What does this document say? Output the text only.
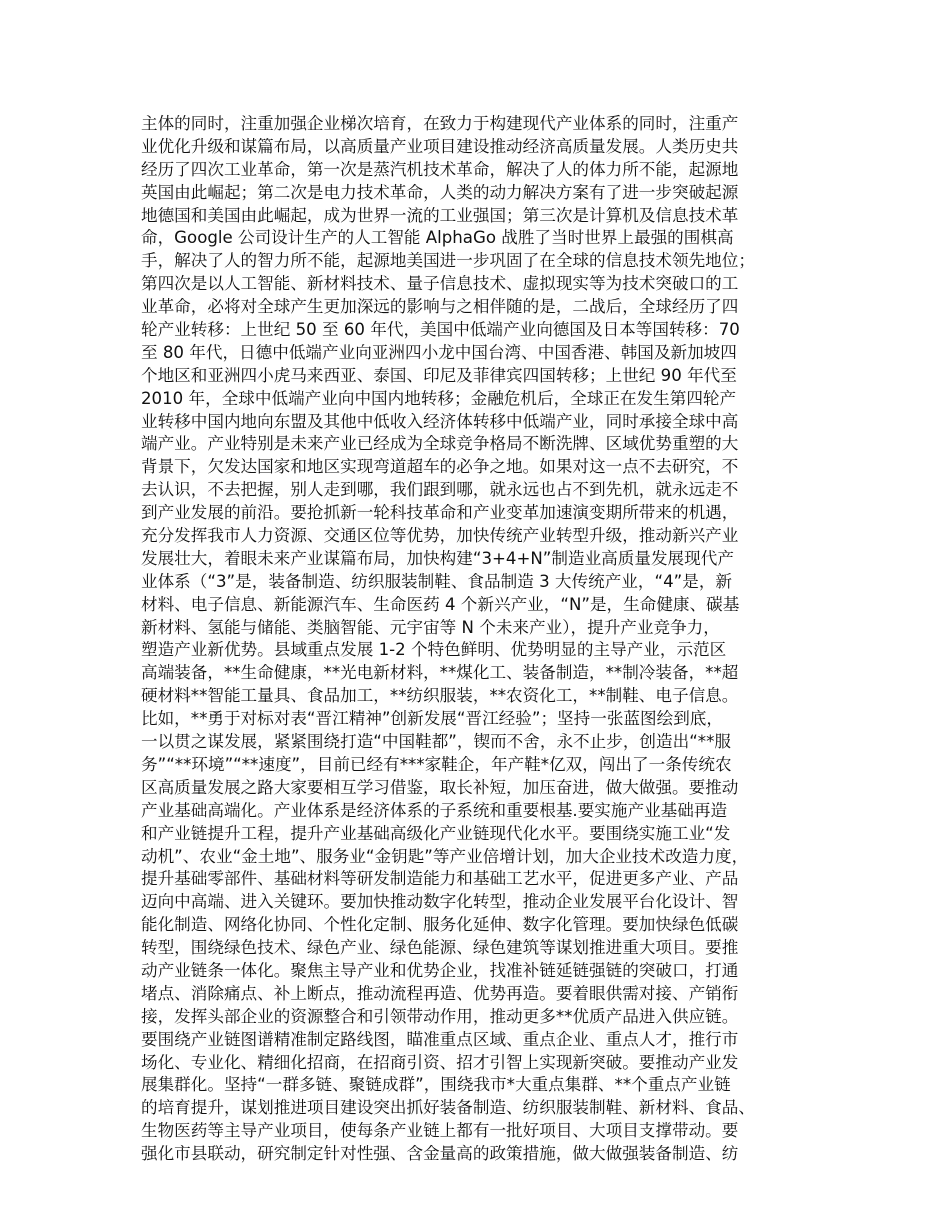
主体的同时，注重加强企业梯次培育，在致力于构建现代产业体系的同时，注重产
业优化升级和谋篇布局，以高质量产业项目建设推动经济高质量发展。人类历史共
经历了四次工业革命，第一次是蒸汽机技术革命，解决了人的体力所不能，起源地
英国由此崛起；第二次是电力技术革命，人类的动力解决方案有了进一步突破起源
地德国和美国由此崛起，成为世界一流的工业强国；第三次是计算机及信息技术革
命，Google 公司设计生产的人工智能 AlphaGo 战胜了当时世界上最强的围棋高
手，解决了人的智力所不能，起源地美国进一步巩固了在全球的信息技术领先地位；
第四次是以人工智能、新材料技术、量子信息技术、虚拟现实等为技术突破口的工
业革命，必将对全球产生更加深远的影响与之相伴随的是，二战后，全球经历了四
轮产业转移：上世纪 50 至 60 年代，美国中低端产业向德国及日本等国转移：70
至 80 年代，日德中低端产业向亚洲四小龙中国台湾、中国香港、韩国及新加坡四
个地区和亚洲四小虎马来西亚、泰国、印尼及菲律宾四国转移；上世纪 90 年代至
2010 年，全球中低端产业向中国内地转移；金融危机后，全球正在发生第四轮产
业转移中国内地向东盟及其他中低收入经济体转移中低端产业，同时承接全球中高
端产业。产业特别是未来产业已经成为全球竞争格局不断洗牌、区域优势重塑的大
背景下，欠发达国家和地区实现弯道超车的必争之地。如果对这一点不去研究，不
去认识，不去把握，别人走到哪，我们跟到哪，就永远也占不到先机，就永远走不
到产业发展的前沿。要抢抓新一轮科技革命和产业变革加速演变期所带来的机遇，
充分发挥我市人力资源、交通区位等优势，加快传统产业转型升级，推动新兴产业
发展壮大，着眼未来产业谋篇布局，加快构建“3+4+N”制造业高质量发展现代产
业体系（“3”是，装备制造、纺织服装制鞋、食品制造 3 大传统产业，“4”是，新
材料、电子信息、新能源汽车、生命医药 4 个新兴产业，“N”是，生命健康、碳基
新材料、氢能与储能、类脑智能、元宇宙等 N 个未来产业），提升产业竞争力，
塑造产业新优势。县域重点发展 1-2 个特色鲜明、优势明显的主导产业，示范区
高端装备，**生命健康，**光电新材料，**煤化工、装备制造，**制冷装备，**超
硬材料**智能工量具、食品加工，**纺织服装，**农资化工，**制鞋、电子信息。
比如，**勇于对标对表“晋江精神”创新发展“晋江经验”；坚持一张蓝图绘到底，
一以贯之谋发展，紧紧围绕打造“中国鞋都”，锲而不舍，永不止步，创造出“**服
务”“**环境”“**速度”，目前已经有***家鞋企，年产鞋*亿双，闯出了一条传统农
区高质量发展之路大家要相互学习借鉴，取长补短，加压奋进，做大做强。要推动
产业基础高端化。产业体系是经济体系的子系统和重要根基.要实施产业基础再造
和产业链提升工程，提升产业基础高级化产业链现代化水平。要围绕实施工业“发
动机”、农业“金土地”、服务业“金钥匙”等产业倍增计划，加大企业技术改造力度，
提升基础零部件、基础材料等研发制造能力和基础工艺水平，促进更多产业、产品
迈向中高端、进入关键环。要加快推动数字化转型，推动企业发展平台化设计、智
能化制造、网络化协同、个性化定制、服务化延伸、数字化管理。要加快绿色低碳
转型，围绕绿色技术、绿色产业、绿色能源、绿色建筑等谋划推进重大项目。要推
动产业链条一体化。聚焦主导产业和优势企业，找准补链延链强链的突破口，打通
堵点、消除痛点、补上断点，推动流程再造、优势再造。要着眼供需对接、产销衔
接，发挥头部企业的资源整合和引领带动作用，推动更多**优质产品进入供应链。
要围绕产业链图谱精准制定路线图，瞄准重点区域、重点企业、重点人才，推行市
场化、专业化、精细化招商，在招商引资、招才引智上实现新突破。要推动产业发
展集群化。坚持“一群多链、聚链成群”，围绕我市*大重点集群、**个重点产业链
的培育提升，谋划推进项目建设突出抓好装备制造、纺织服装制鞋、新材料、食品、
生物医药等主导产业项目，使每条产业链上都有一批好项目、大项目支撑带动。要
强化市县联动，研究制定针对性强、含金量高的政策措施，做大做强装备制造、纺
